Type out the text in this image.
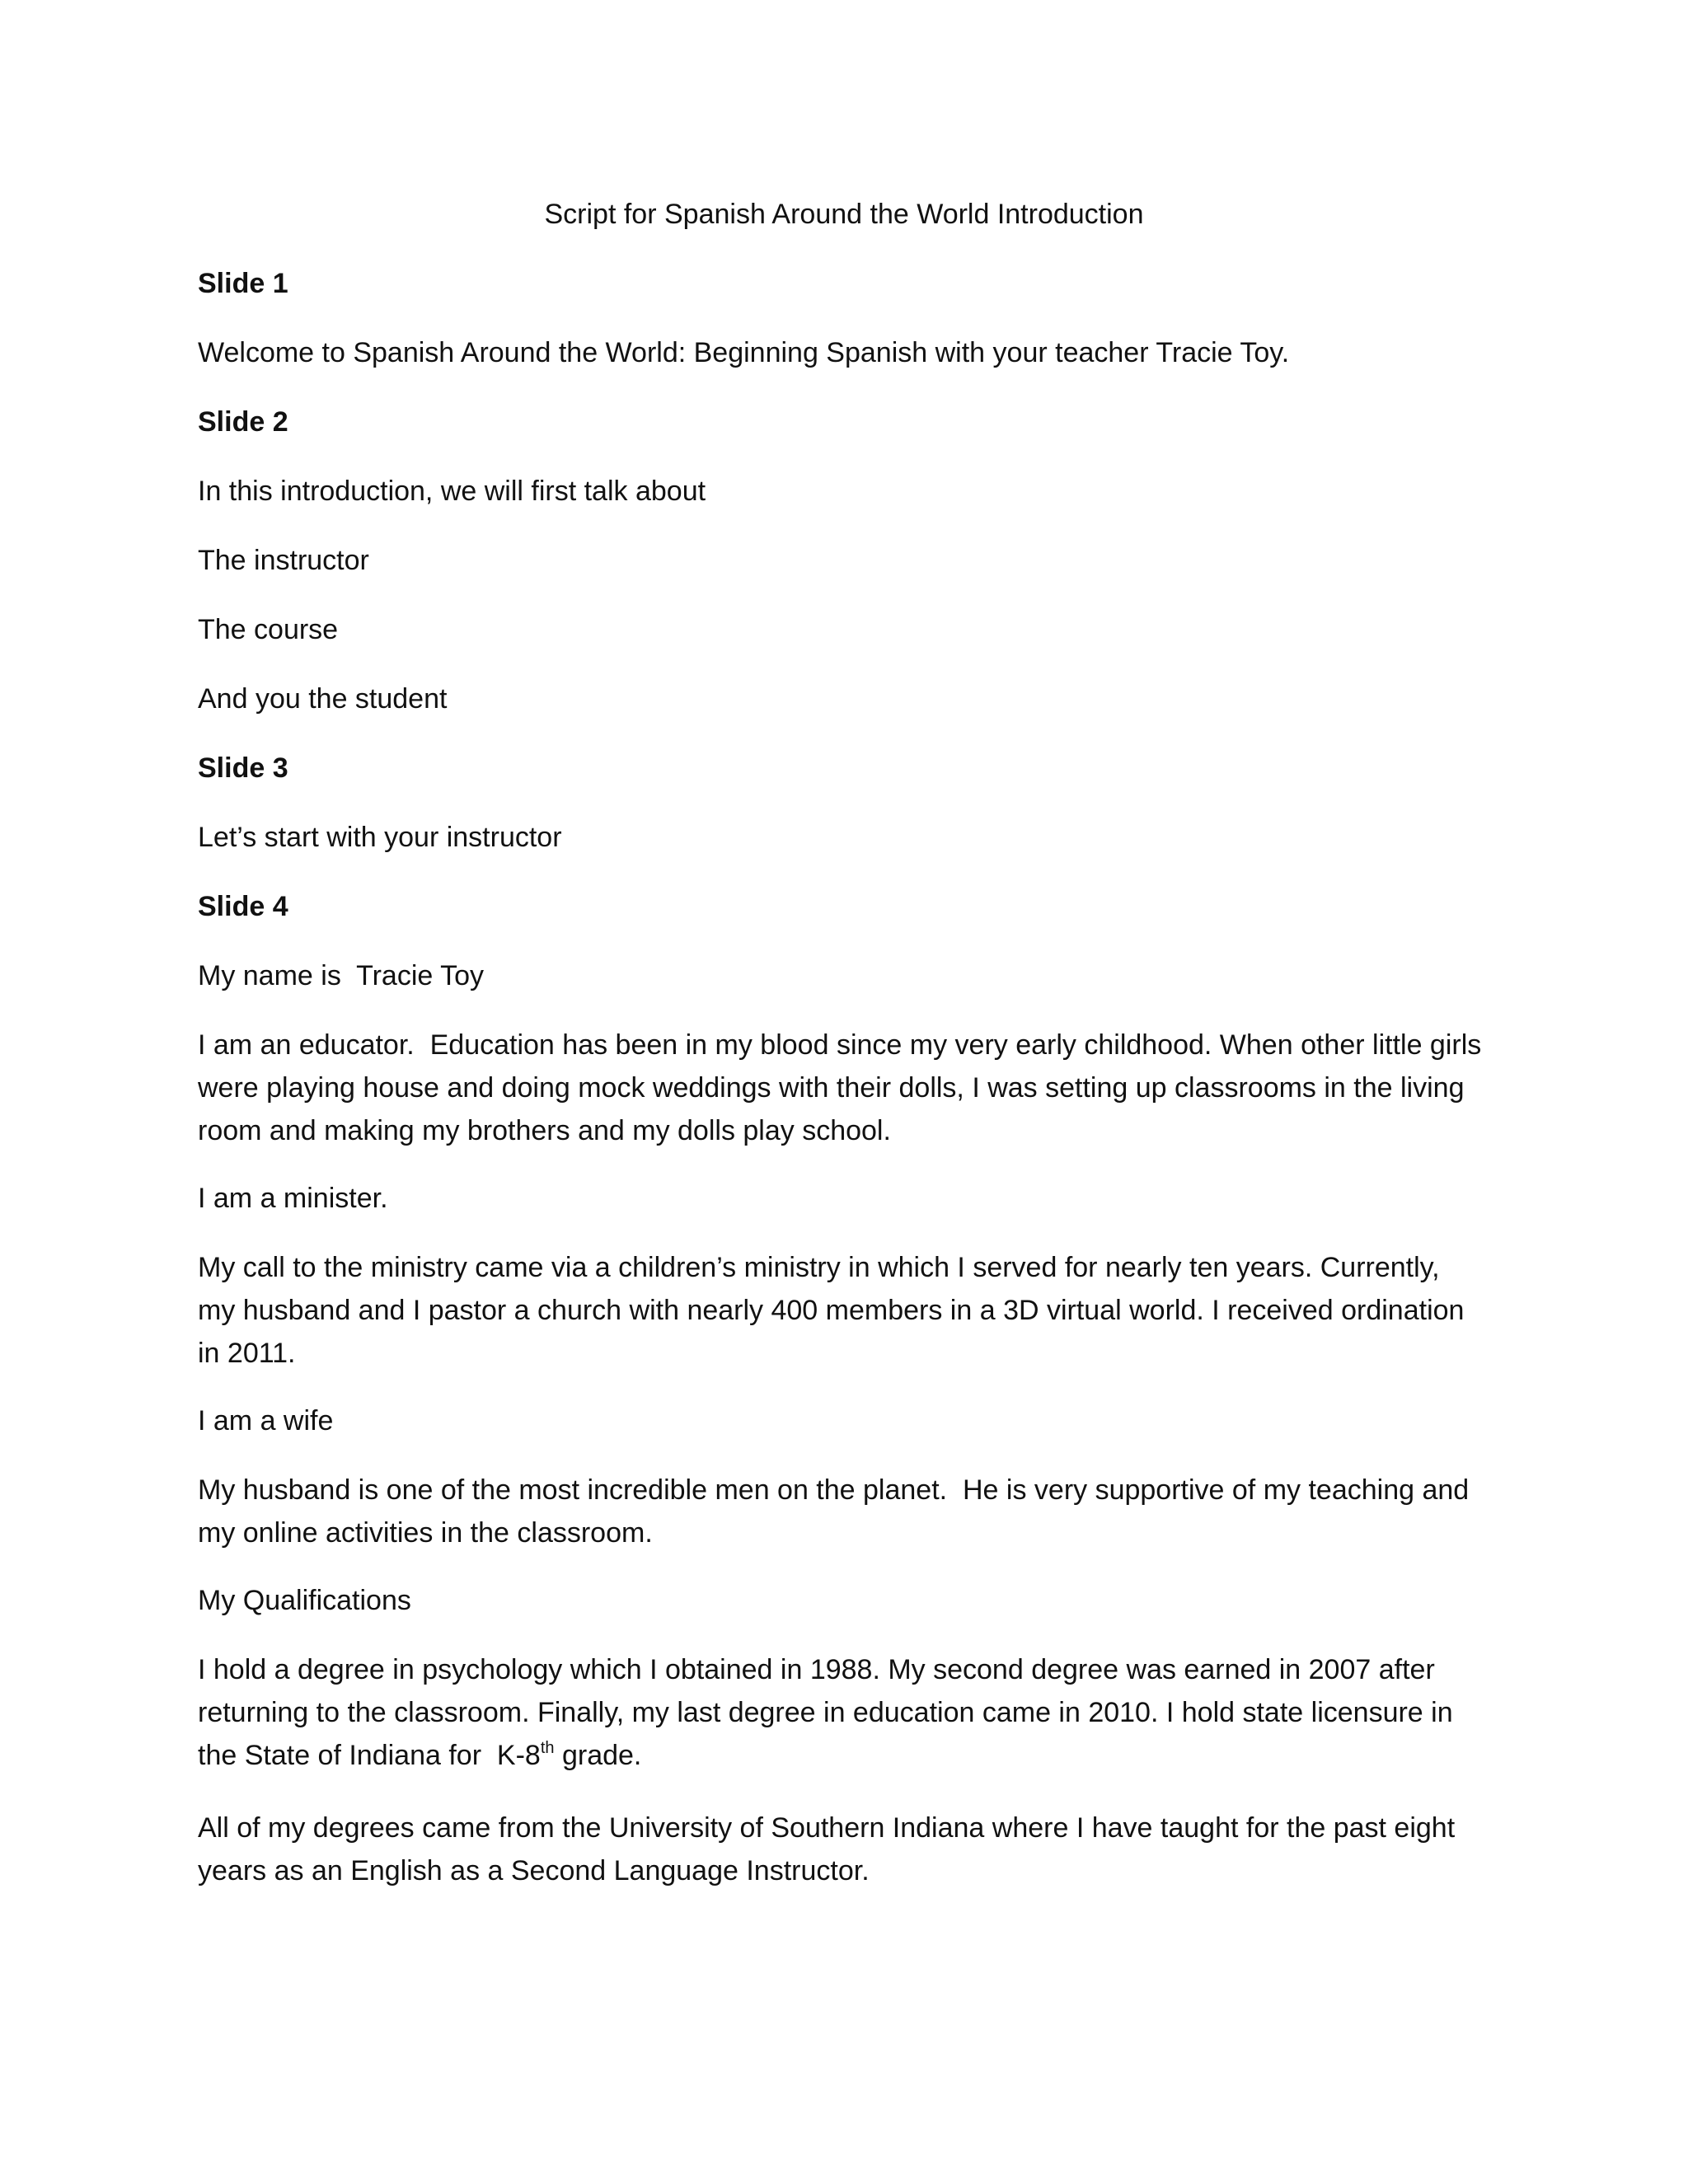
Script for Spanish Around the World Introduction
Slide 1
Welcome to Spanish Around the World: Beginning Spanish with your teacher Tracie Toy.
Slide 2
In this introduction, we will first talk about
The instructor
The course
And you the student
Slide 3
Let’s start with your instructor
Slide 4
My name is  Tracie Toy
I am an educator.  Education has been in my blood since my very early childhood. When other little girls were playing house and doing mock weddings with their dolls, I was setting up classrooms in the living room and making my brothers and my dolls play school.
I am a minister.
My call to the ministry came via a children’s ministry in which I served for nearly ten years. Currently, my husband and I pastor a church with nearly 400 members in a 3D virtual world. I received ordination in 2011.
I am a wife
My husband is one of the most incredible men on the planet.  He is very supportive of my teaching and my online activities in the classroom.
My Qualifications
I hold a degree in psychology which I obtained in 1988. My second degree was earned in 2007 after returning to the classroom. Finally, my last degree in education came in 2010. I hold state licensure in the State of Indiana for  K-8th grade.
All of my degrees came from the University of Southern Indiana where I have taught for the past eight years as an English as a Second Language Instructor.
